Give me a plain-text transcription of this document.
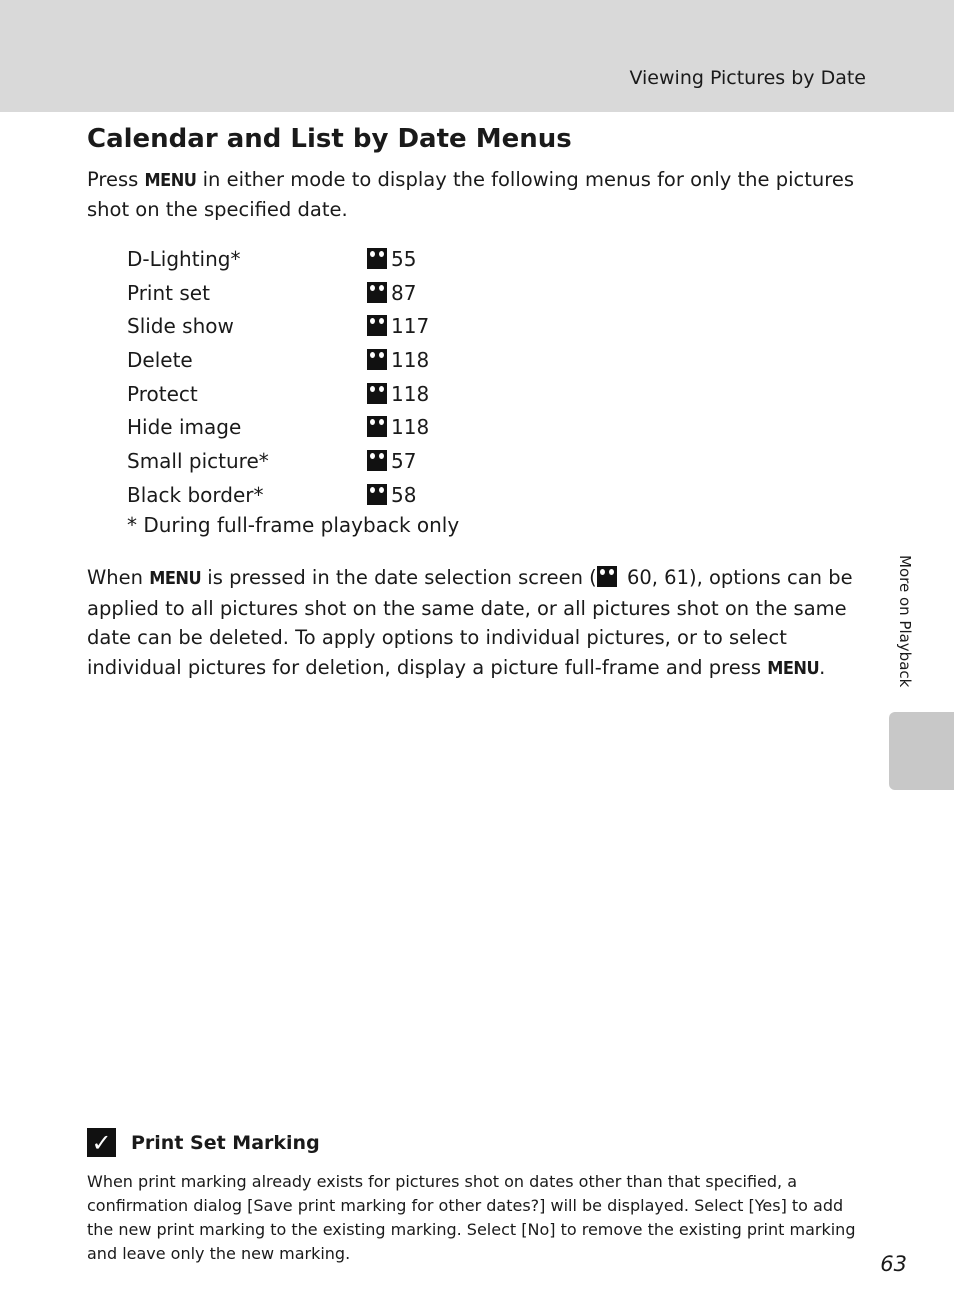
Viewing Pictures by Date
Calendar and List by Date Menus

Press MENU in either mode to display the following menus for only the pictures shot on the specified date.

D-Lighting*	55
Print set	87
Slide show	117
Delete	118
Protect	118
Hide image	118
Small picture*	57
Black border*	58

* During full-frame playback only

When MENU is pressed in the date selection screen ( 60, 61), options can be applied to all pictures shot on the same date, or all pictures shot on the same date can be deleted. To apply options to individual pictures, or to select individual pictures for deletion, display a picture full-frame and press MENU.	More on Playback
✓ Print Set Marking

When print marking already exists for pictures shot on dates other than that specified, a confirmation dialog [Save print marking for other dates?] will be displayed. Select [Yes] to add the new print marking to the existing marking. Select [No] to remove the existing print marking and leave only the new marking.	63
